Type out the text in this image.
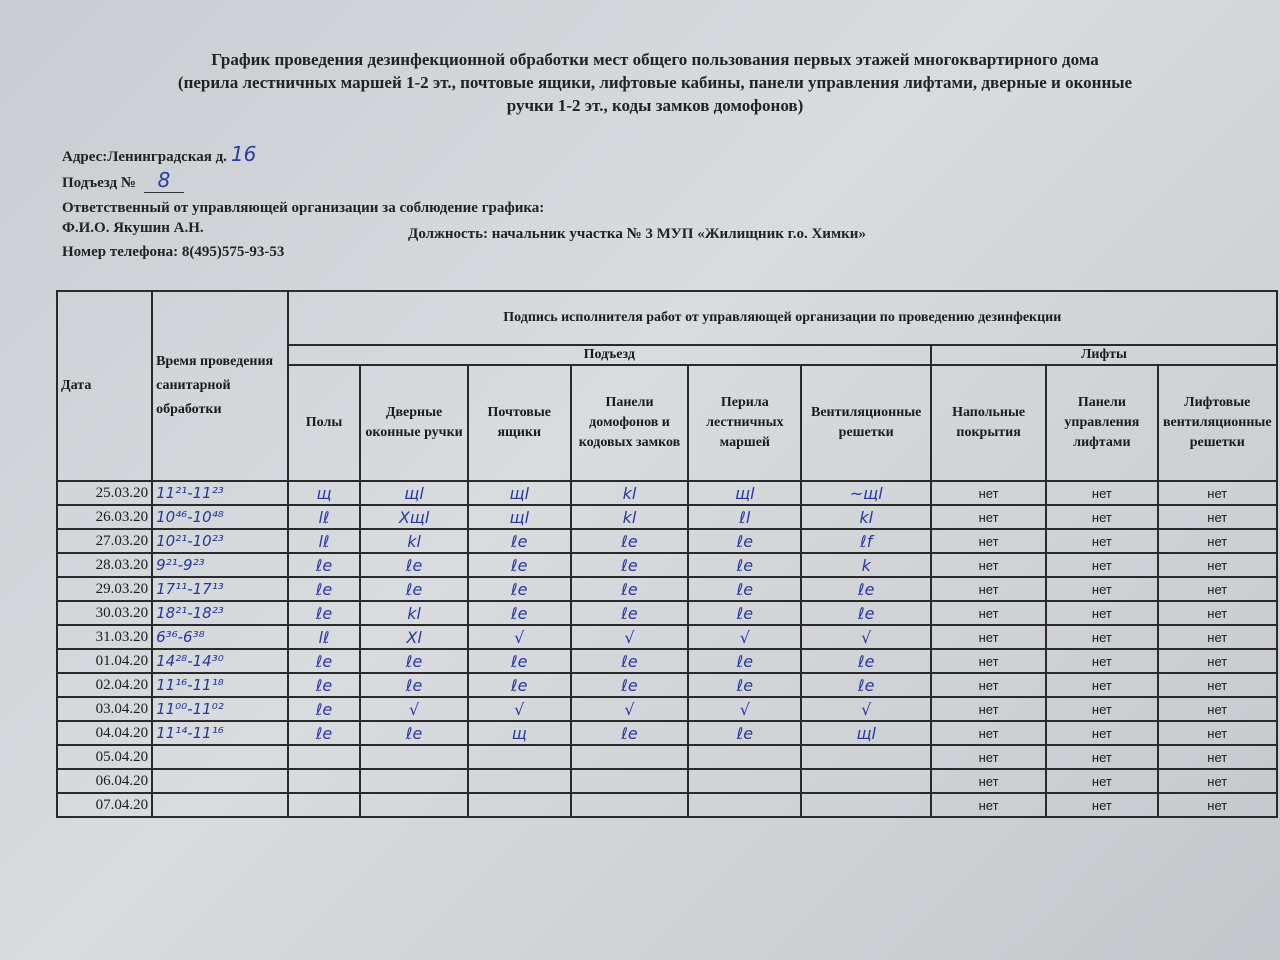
График проведения дезинфекционной обработки мест общего пользования первых этажей многоквартирного дома
(перила лестничных маршей 1-2 эт., почтовые ящики, лифтовые кабины, панели управления лифтами, дверные и оконные
ручки 1-2 эт., коды замков домофонов)
Адрес:Ленинградская д. 16
Подъезд № 8
Ответственный от управляющей организации за соблюдение графика:
Ф.И.О. Якушин А.Н.	Должность: начальник участка № 3 МУП «Жилищник г.о. Химки»
Номер телефона: 8(495)575-93-53
Дата	Время проведения санитарной обработки	Подпись исполнителя работ от управляющей организации по проведению дезинфекции								
		Подъезд						Лифты		
		Полы	Дверные оконные ручки	Почтовые ящики	Панели домофонов и кодовых замков	Перила лестничных маршей	Вентиляционные решетки	Напольные покрытия	Панели управления лифтами	Лифтовые вентиляционные решетки
25.03.20	11²¹-11²³	щ	щl	щl	kl	щl	~щl	нет	нет	нет
26.03.20	10⁴⁶-10⁴⁸	lℓ	Xщl	щl	kl	ℓl	kl	нет	нет	нет
27.03.20	10²¹-10²³	lℓ	kl	ℓe	ℓe	ℓe	ℓf	нет	нет	нет
28.03.20	9²¹-9²³	ℓe	ℓe	ℓe	ℓe	ℓe	k	нет	нет	нет
29.03.20	17¹¹-17¹³	ℓe	ℓe	ℓe	ℓe	ℓe	ℓe	нет	нет	нет
30.03.20	18²¹-18²³	ℓe	kl	ℓe	ℓe	ℓe	ℓe	нет	нет	нет
31.03.20	6³⁶-6³⁸	lℓ	Xl	√	√	√	√	нет	нет	нет
01.04.20	14²⁸-14³⁰	ℓe	ℓe	ℓe	ℓe	ℓe	ℓe	нет	нет	нет
02.04.20	11¹⁶-11¹⁸	ℓe	ℓe	ℓe	ℓe	ℓe	ℓe	нет	нет	нет
03.04.20	11⁰⁰-11⁰²	ℓe	√	√	√	√	√	нет	нет	нет
04.04.20	11¹⁴-11¹⁶	ℓe	ℓe	щ	ℓe	ℓe	щl	нет	нет	нет
05.04.20								нет	нет	нет
06.04.20								нет	нет	нет
07.04.20								нет	нет	нет
